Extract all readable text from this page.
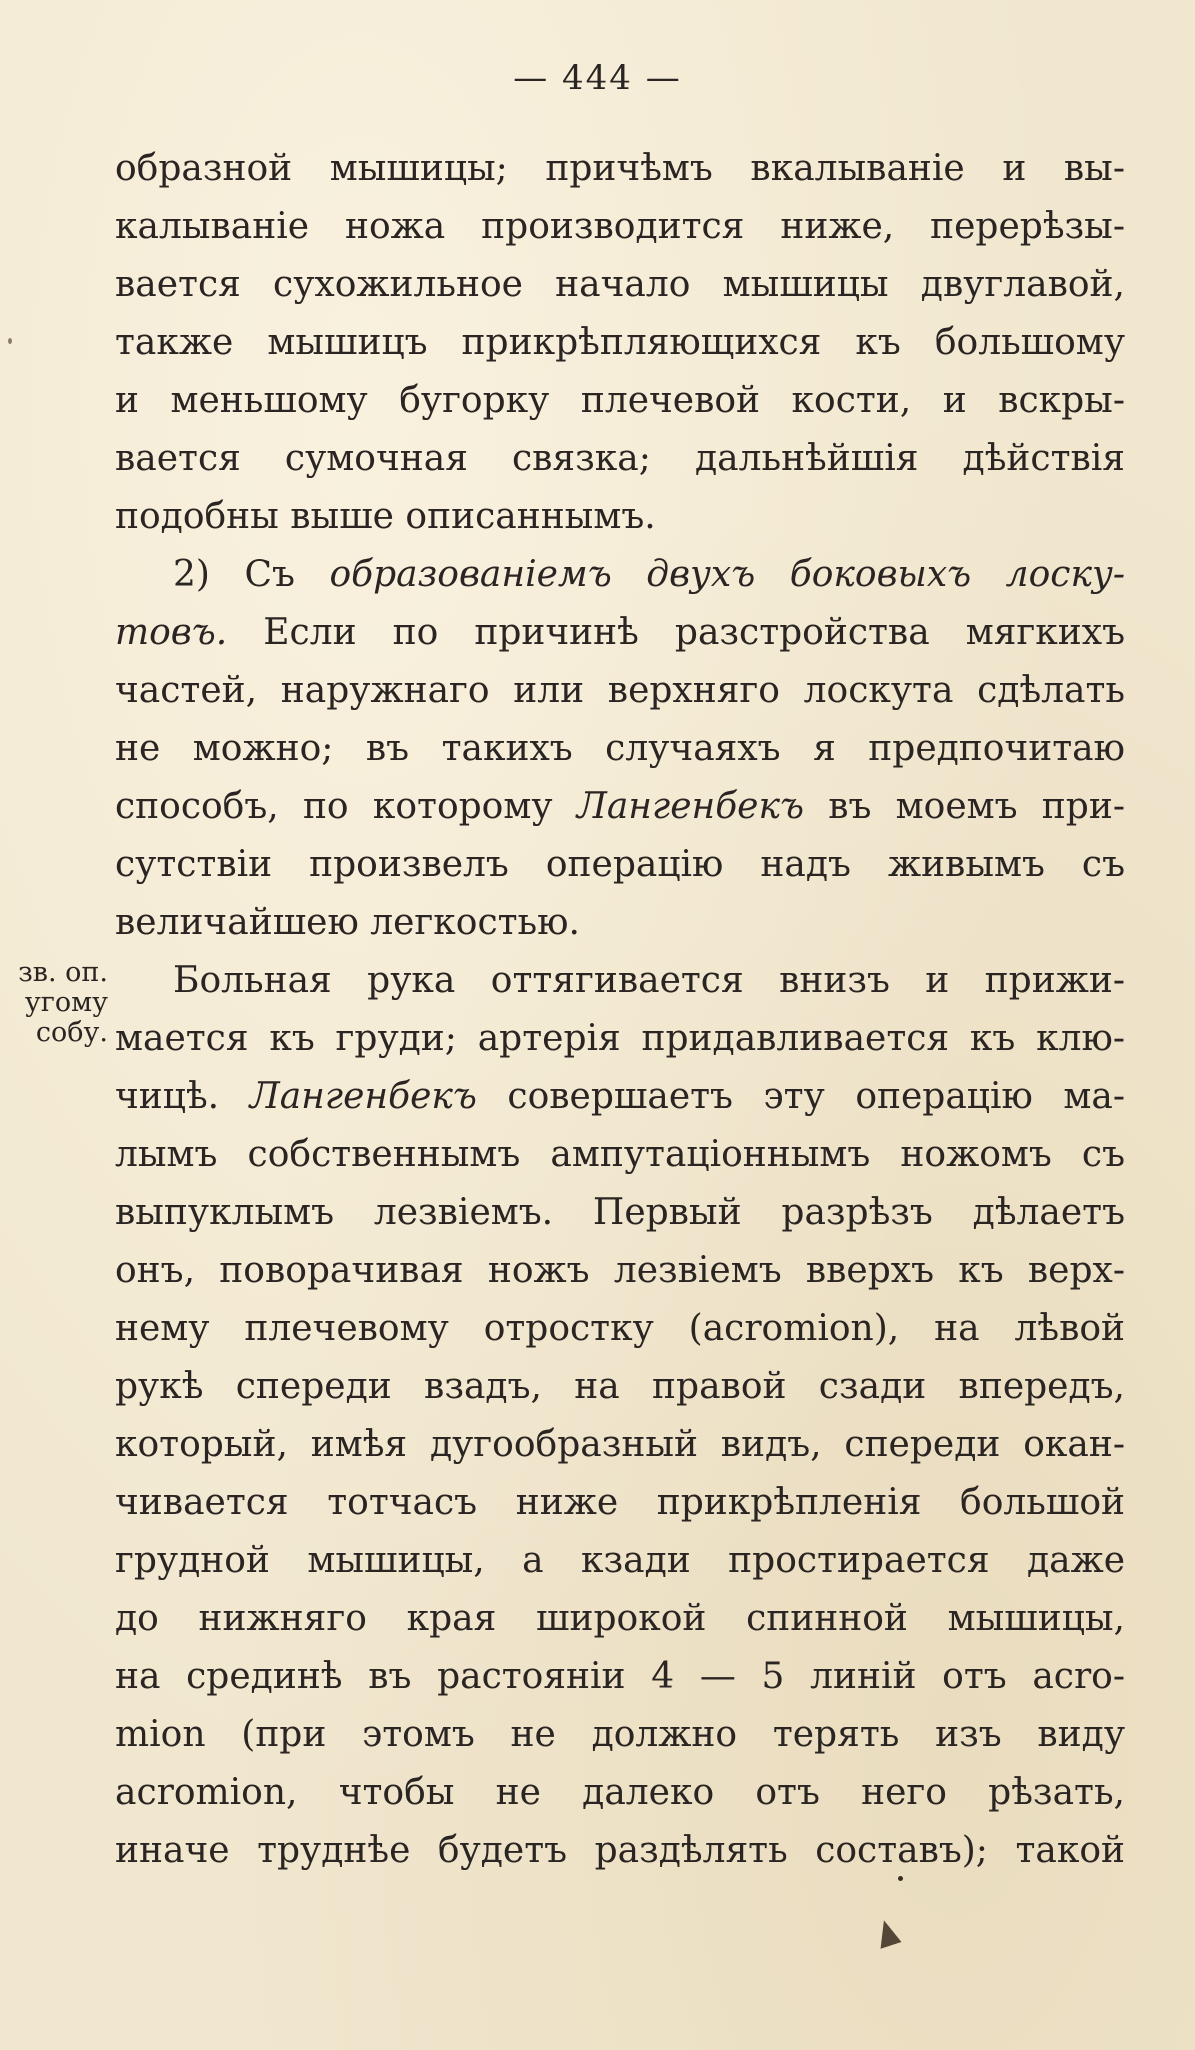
— 444 —
образной мышицы; причѣмъ вкалываніе и вы-
калываніе ножа производится ниже, перерѣзы-
вается сухожильное начало мышицы двуглавой,
также мышицъ прикрѣпляющихся къ большому
и меньшому бугорку плечевой кости, и вскры-
вается сумочная связка; дальнѣйшія дѣйствія
подобны выше описаннымъ.
2) Съ образованіемъ двухъ боковыхъ лоску-
товъ. Если по причинѣ разстройства мягкихъ
частей, наружнаго или верхняго лоскута сдѣлать
не можно; въ такихъ случаяхъ я предпочитаю
способъ, по которому Лангенбекъ въ моемъ при-
сутствіи произвелъ операцію надъ живымъ съ
величайшею легкостью.
зв. оп.
угому
собу.
Больная рука оттягивается внизъ и прижи-
мается къ груди; артерія придавливается къ клю-
чицѣ. Лангенбекъ совершаетъ эту операцію ма-
лымъ собственнымъ ампутаціоннымъ ножомъ съ
выпуклымъ лезвіемъ. Первый разрѣзъ дѣлаетъ
онъ, поворачивая ножъ лезвіемъ вверхъ къ верх-
нему плечевому отростку (acromion), на лѣвой
рукѣ спереди взадъ, на правой сзади впередъ,
который, имѣя дугообразный видъ, спереди окан-
чивается тотчасъ ниже прикрѣпленія большой
грудной мышицы, а кзади простирается даже
до нижняго края широкой спинной мышицы,
на срединѣ въ растояніи 4 — 5 линій отъ acro-
mion (при этомъ не должно терять изъ виду
acromion, чтобы не далеко отъ него рѣзать,
иначе труднѣе будетъ раздѣлять составъ); такой
